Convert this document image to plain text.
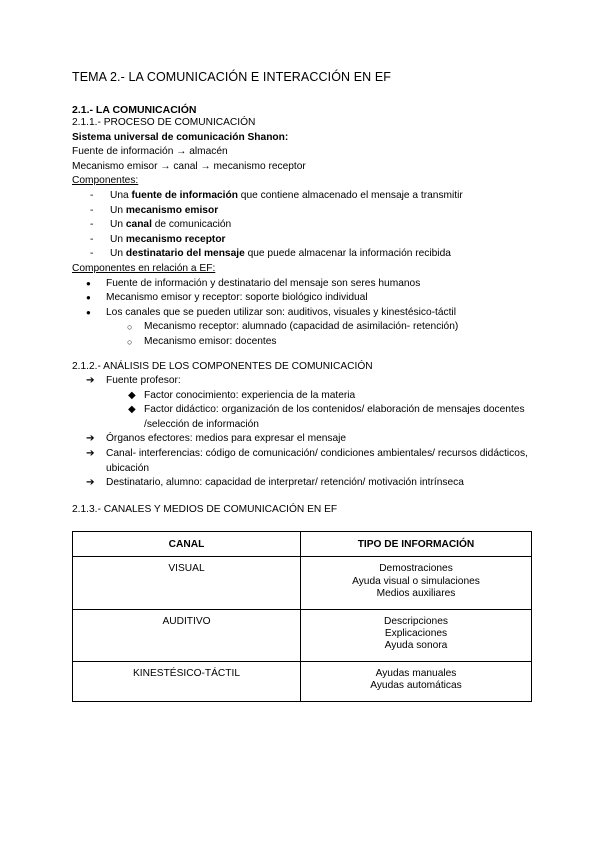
TEMA 2.- LA COMUNICACIÓN E INTERACCIÓN EN EF
2.1.- LA COMUNICACIÓN

2.1.1.- PROCESO DE COMUNICACIÓN

Sistema universal de comunicación Shanon:

Fuente de información → almacén

Mecanismo emisor → canal → mecanismo receptor

Componentes:

- Una fuente de información que contiene almacenado el mensaje a transmitir
- Un mecanismo emisor
- Un canal de comunicación
- Un mecanismo receptor
- Un destinatario del mensaje que puede almacenar la información recibida

Componentes en relación a EF:

● Fuente de información y destinatario del mensaje son seres humanos
● Mecanismo emisor y receptor: soporte biológico individual
● Los canales que se pueden utilizar son: auditivos, visuales y kinestésico-táctil
○ Mecanismo receptor: alumnado (capacidad de asimilación- retención)
○ Mecanismo emisor: docentes

2.1.2.- ANÁLISIS DE LOS COMPONENTES DE COMUNICACIÓN

➔ Fuente profesor:
◆ Factor conocimiento: experiencia de la materia
◆ Factor didáctico: organización de los contenidos/ elaboración de mensajes docentes /selección de información
➔ Órganos efectores: medios para expresar el mensaje
➔ Canal- interferencias: código de comunicación/ condiciones ambientales/ recursos didácticos, ubicación
➔ Destinatario, alumno: capacidad de interpretar/ retención/ motivación intrínseca

2.1.3.- CANALES Y MEDIOS DE COMUNICACIÓN EN EF

CANAL	TIPO DE INFORMACIÓN
VISUAL	Demostraciones
Ayuda visual o simulaciones
Medios auxiliares

AUDITIVO	Descripciones
Explicaciones
Ayuda sonora

KINESTÉSICO-TÁCTIL	Ayudas manuales
Ayudas automáticas
